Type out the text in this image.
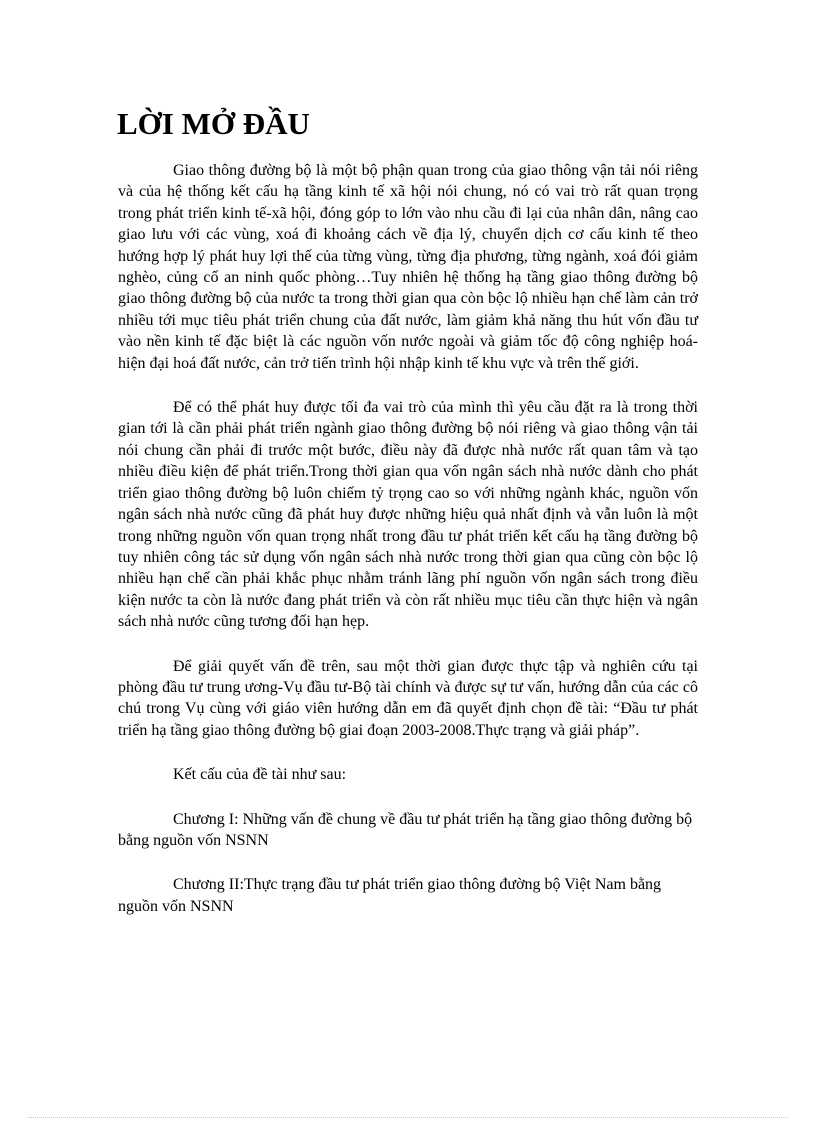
LỜI MỞ ĐẦU

Giao thông đường bộ là một bộ phận quan trong của giao thông vận tải nói riêng và của hệ thống kết cấu hạ tầng kinh tế xã hội nói chung, nó có vai trò rất quan trọng trong phát triển kinh tế-xã hội, đóng góp to lớn vào nhu cầu đi lại của nhân dân, nâng cao giao lưu với các vùng, xoá đi khoảng cách về địa lý, chuyển dịch cơ cấu kinh tế theo hướng hợp lý phát huy lợi thế của từng vùng, từng địa phương, từng ngành, xoá đói giảm nghèo, củng cố an ninh quốc phòng…Tuy nhiên hệ thống hạ tầng giao thông đường bộ giao thông đường bộ của nước ta trong thời gian qua còn bộc lộ nhiều hạn chế làm cản trở nhiều tới mục tiêu phát triển chung của đất nước, làm giảm khả năng thu hút vốn đầu tư vào nền kinh tế đặc biệt là các nguồn vốn nước ngoài và giảm tốc độ công nghiệp hoá-hiện đại hoá đất nước, cản trở tiến trình hội nhập kinh tế khu vực và trên thế giới.

Để có thể phát huy được tối đa vai trò của mình thì yêu cầu đặt ra là trong thời gian tới là cần phải phát triển ngành giao thông đường bộ nói riêng và giao thông vận tải nói chung cần phải đi trước một bước, điều này đã được nhà nước rất quan tâm và tạo nhiều điều kiện để phát triển.Trong thời gian qua vốn ngân sách nhà nước dành cho phát triển giao thông đường bộ luôn chiếm tỷ trọng cao so với những ngành khác, nguồn vốn ngân sách nhà nước cũng đã phát huy được những hiệu quả nhất định và vẫn luôn là một trong những nguồn vốn quan trọng nhất trong đầu tư phát triển kết cấu hạ tầng đường bộ tuy nhiên công tác sử dụng vốn ngân sách nhà nước trong thời gian qua cũng còn bộc lộ nhiều hạn chế cần phải khắc phục nhằm tránh lãng phí nguồn vốn ngân sách trong điều kiện nước ta còn là nước đang phát triển và còn rất nhiều mục tiêu cần thực hiện và ngân sách nhà nước cũng tương đối hạn hẹp.

Để giải quyết vấn đề trên, sau một thời gian được thực tập và nghiên cứu tại phòng đầu tư trung ương-Vụ đầu tư-Bộ tài chính và được sự tư vấn, hướng dẫn của các cô chú trong Vụ cùng với giáo viên hướng dẫn em đã quyết định chọn đề tài: “Đầu tư phát triển hạ tầng giao thông đường bộ giai đoạn 2003-2008.Thực trạng và giải pháp”.

Kết cấu của đề tài như sau:

Chương I: Những vấn đề chung về đầu tư phát triển hạ tầng giao thông đường bộ bằng nguồn vốn NSNN

Chương II:Thực trạng đầu tư phát triển giao thông đường bộ Việt Nam bằng nguồn vốn NSNN
